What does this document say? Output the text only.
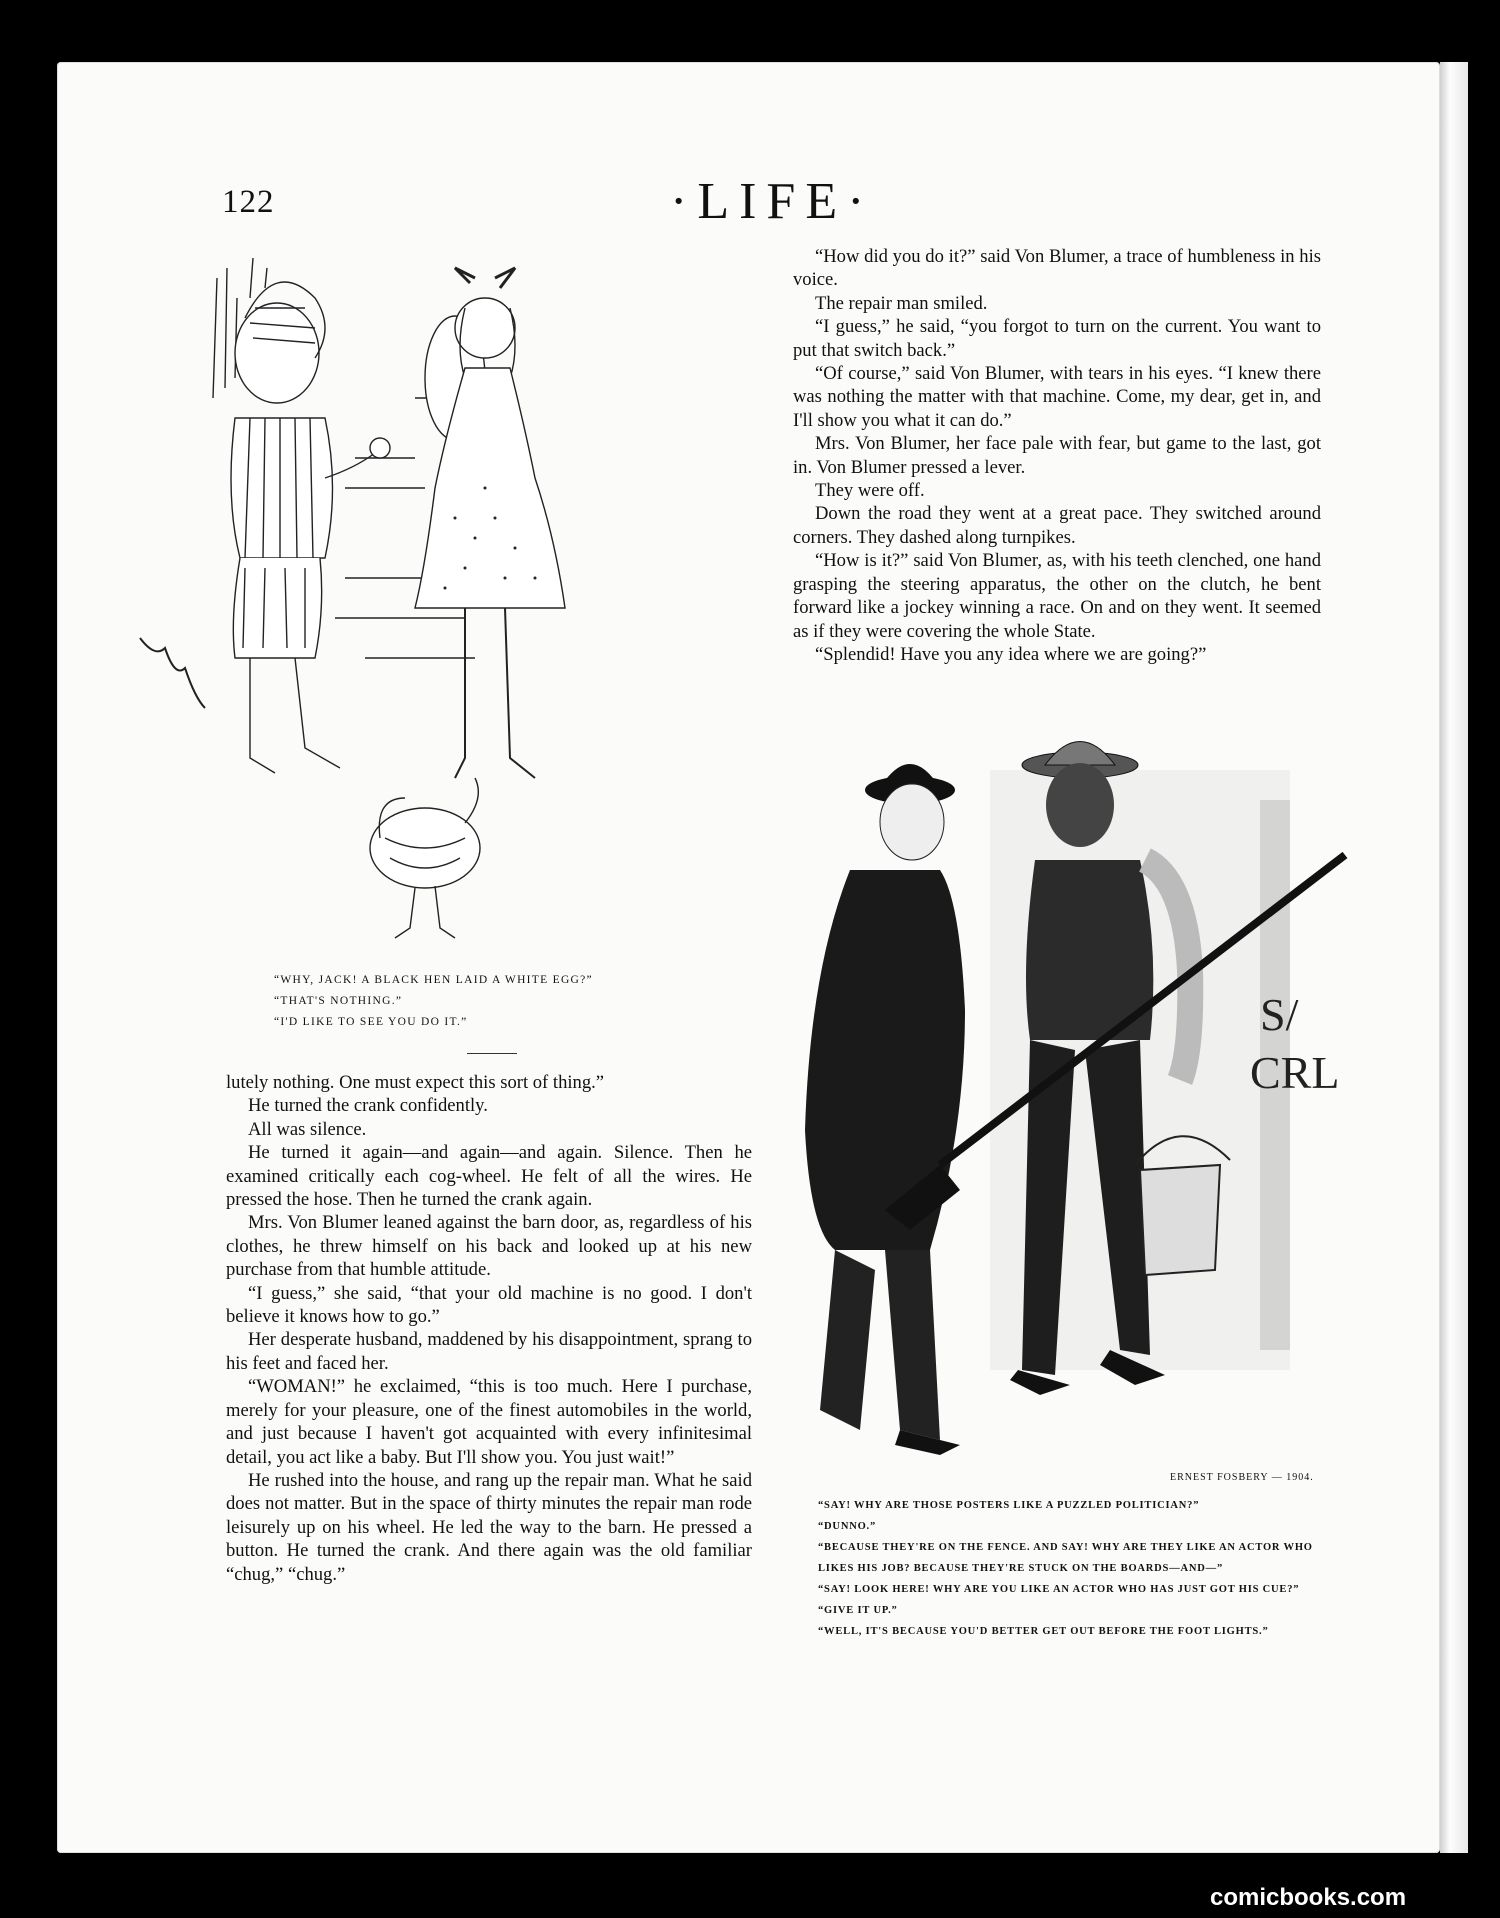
122	·LIFE·

“WHY, JACK! A BLACK HEN LAID A WHITE EGG?”

“THAT'S NOTHING.”

“I'D LIKE TO SEE YOU DO IT.”

lutely nothing. One must expect this sort of thing.”

He turned the crank confidently.

All was silence.

He turned it again—and again—and again. Silence. Then he examined critically each cog-wheel. He felt of all the wires. He pressed the hose. Then he turned the crank again.

Mrs. Von Blumer leaned against the barn door, as, regardless of his clothes, he threw himself on his back and looked up at his new purchase from that humble attitude.

“I guess,” she said, “that your old machine is no good. I don't believe it knows how to go.”

Her desperate husband, maddened by his disappointment, sprang to his feet and faced her.

“WOMAN!” he exclaimed, “this is too much. Here I purchase, merely for your pleasure, one of the finest automobiles in the world, and just because I haven't got acquainted with every infinitesimal detail, you act like a baby. But I'll show you. You just wait!”

He rushed into the house, and rang up the repair man. What he said does not matter. But in the space of thirty minutes the repair man rode leisurely up on his wheel. He led the way to the barn. He pressed a button. He turned the crank. And there again was the old familiar “chug,” “chug.”

“How did you do it?” said Von Blumer, a trace of humbleness in his voice.

The repair man smiled.

“I guess,” he said, “you forgot to turn on the current. You want to put that switch back.”

“Of course,” said Von Blumer, with tears in his eyes. “I knew there was nothing the matter with that machine. Come, my dear, get in, and I'll show you what it can do.”

Mrs. Von Blumer, her face pale with fear, but game to the last, got in. Von Blumer pressed a lever.

They were off.

Down the road they went at a great pace. They switched around corners. They dashed along turnpikes.

“How is it?” said Von Blumer, as, with his teeth clenched, one hand grasping the steering apparatus, the other on the clutch, he bent forward like a jockey winning a race. On and on they went. It seemed as if they were covering the whole State.

“Splendid! Have you any idea where we are going?”

S/
CRL
ERNEST FOSBERY — 1904.

“SAY! WHY ARE THOSE POSTERS LIKE A PUZZLED POLITICIAN?”

“DUNNO.”

“BECAUSE THEY'RE ON THE FENCE. AND SAY! WHY ARE THEY LIKE AN ACTOR WHO LIKES HIS JOB? BECAUSE THEY'RE STUCK ON THE BOARDS—AND—”

“SAY! LOOK HERE! WHY ARE YOU LIKE AN ACTOR WHO HAS JUST GOT HIS CUE?”

“GIVE IT UP.”

“WELL, IT'S BECAUSE YOU'D BETTER GET OUT BEFORE THE FOOT LIGHTS.”

comicbooks.com
